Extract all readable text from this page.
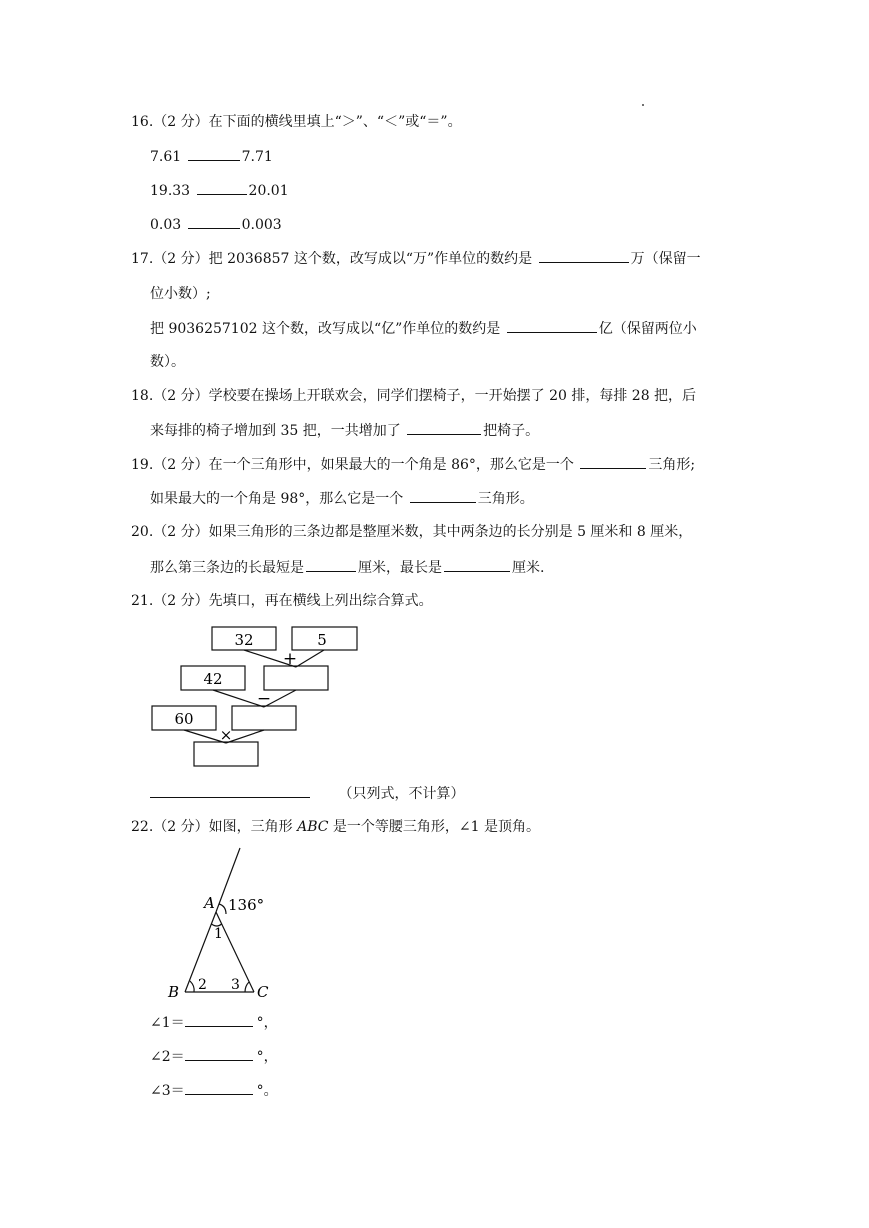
16.（2 分）在下面的横线里填上“＞”、“＜”或“＝”。
7.61	7.71
19.33	20.01
0.03	0.003
17.（2 分）把 2036857 这个数，改写成以“万”作单位的数约是	万（保留一
位小数）;
把 9036257102 这个数，改写成以“亿”作单位的数约是	亿（保留两位小
数）。
18.（2 分）学校要在操场上开联欢会，同学们摆椅子，一开始摆了 20 排，每排 28 把，后
来每排的椅子增加到 35 把，一共增加了	把椅子。
19.（2 分）在一个三角形中，如果最大的一个角是 86°，那么它是一个	三角形;
如果最大的一个角是 98°，那么它是一个	三角形。
20.（2 分）如果三角形的三条边都是整厘米数，其中两条边的长分别是 5 厘米和 8 厘米，
那么第三条边的长最短是	厘米，最长是	厘米.
21.（2 分）先填口，再在横线上列出综合算式。
32	5
42
60
+
−
×
（只列式，不计算）
22.（2 分）如图，三角形 ABC 是一个等腰三角形，∠1 是顶角。
A 136°
1
B 2 3 C
∠1＝	°，
∠2＝	°，
∠3＝	°。
